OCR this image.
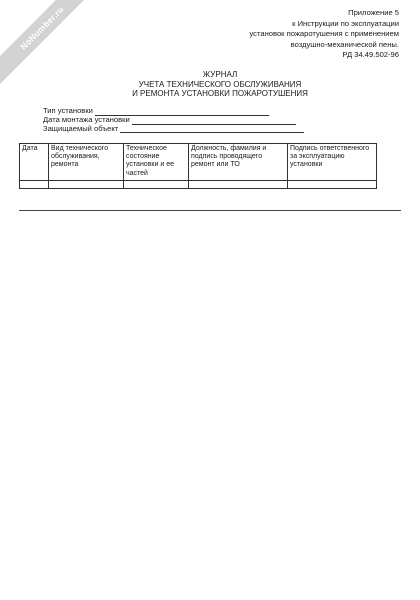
NoNumber.ru	Приложение 5
к Инструкции по эксплуатации
установок пожаротушения с применением
воздушно-механической пены.
РД 34.49.502-96
ЖУРНАЛ
УЧЕТА ТЕХНИЧЕСКОГО ОБСЛУЖИВАНИЯ
И РЕМОНТА УСТАНОВКИ ПОЖАРОТУШЕНИЯ
Тип установки
Дата монтажа установки
Защищаемый объект
Дата	Вид технического обслуживания, ремонта	Техническое состояние установки и ее частей	Должность, фамилия и подпись проводящего ремонт или ТО	Подпись ответственного за эксплуатацию установки
